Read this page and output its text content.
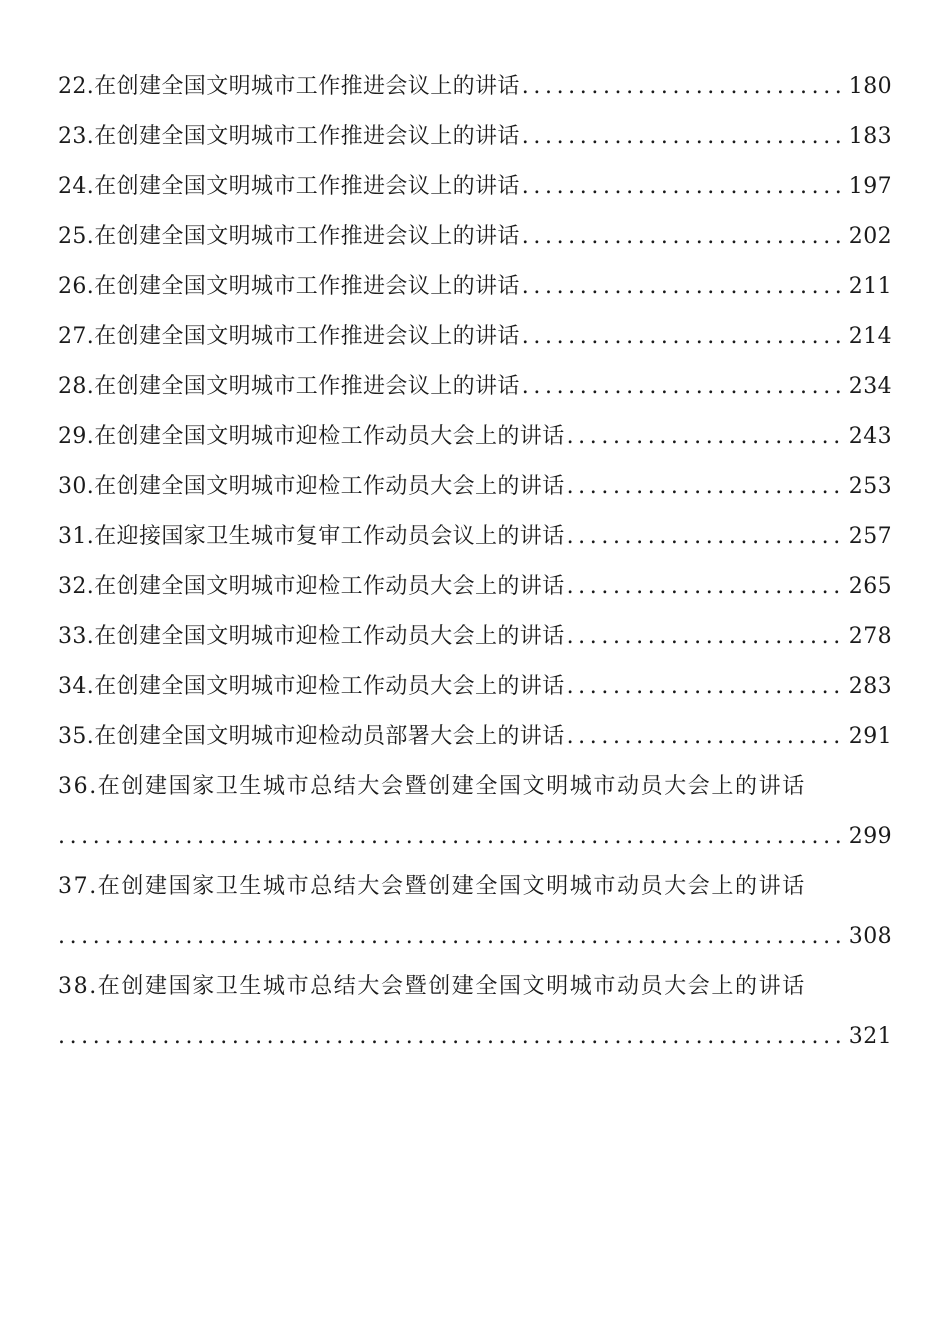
22.在创建全国文明城市工作推进会议上的讲话 .....	180
23.在创建全国文明城市工作推进会议上的讲话 .....	183
24.在创建全国文明城市工作推进会议上的讲话 .....	197
25.在创建全国文明城市工作推进会议上的讲话 .....	202
26.在创建全国文明城市工作推进会议上的讲话 .....	211
27.在创建全国文明城市工作推进会议上的讲话 .....	214
28.在创建全国文明城市工作推进会议上的讲话 .....	234
29.在创建全国文明城市迎检工作动员大会上的讲话 .....	243
30.在创建全国文明城市迎检工作动员大会上的讲话 .....	253
31.在迎接国家卫生城市复审工作动员会议上的讲话 .....	257
32.在创建全国文明城市迎检工作动员大会上的讲话 .....	265
33.在创建全国文明城市迎检工作动员大会上的讲话 .....	278
34.在创建全国文明城市迎检工作动员大会上的讲话 .....	283
35.在创建全国文明城市迎检动员部署大会上的讲话 .....	291
36.在创建国家卫生城市总结大会暨创建全国文明城市动员大会上的讲话
.....
299
37.在创建国家卫生城市总结大会暨创建全国文明城市动员大会上的讲话
.....
308
38.在创建国家卫生城市总结大会暨创建全国文明城市动员大会上的讲话
.....
321
